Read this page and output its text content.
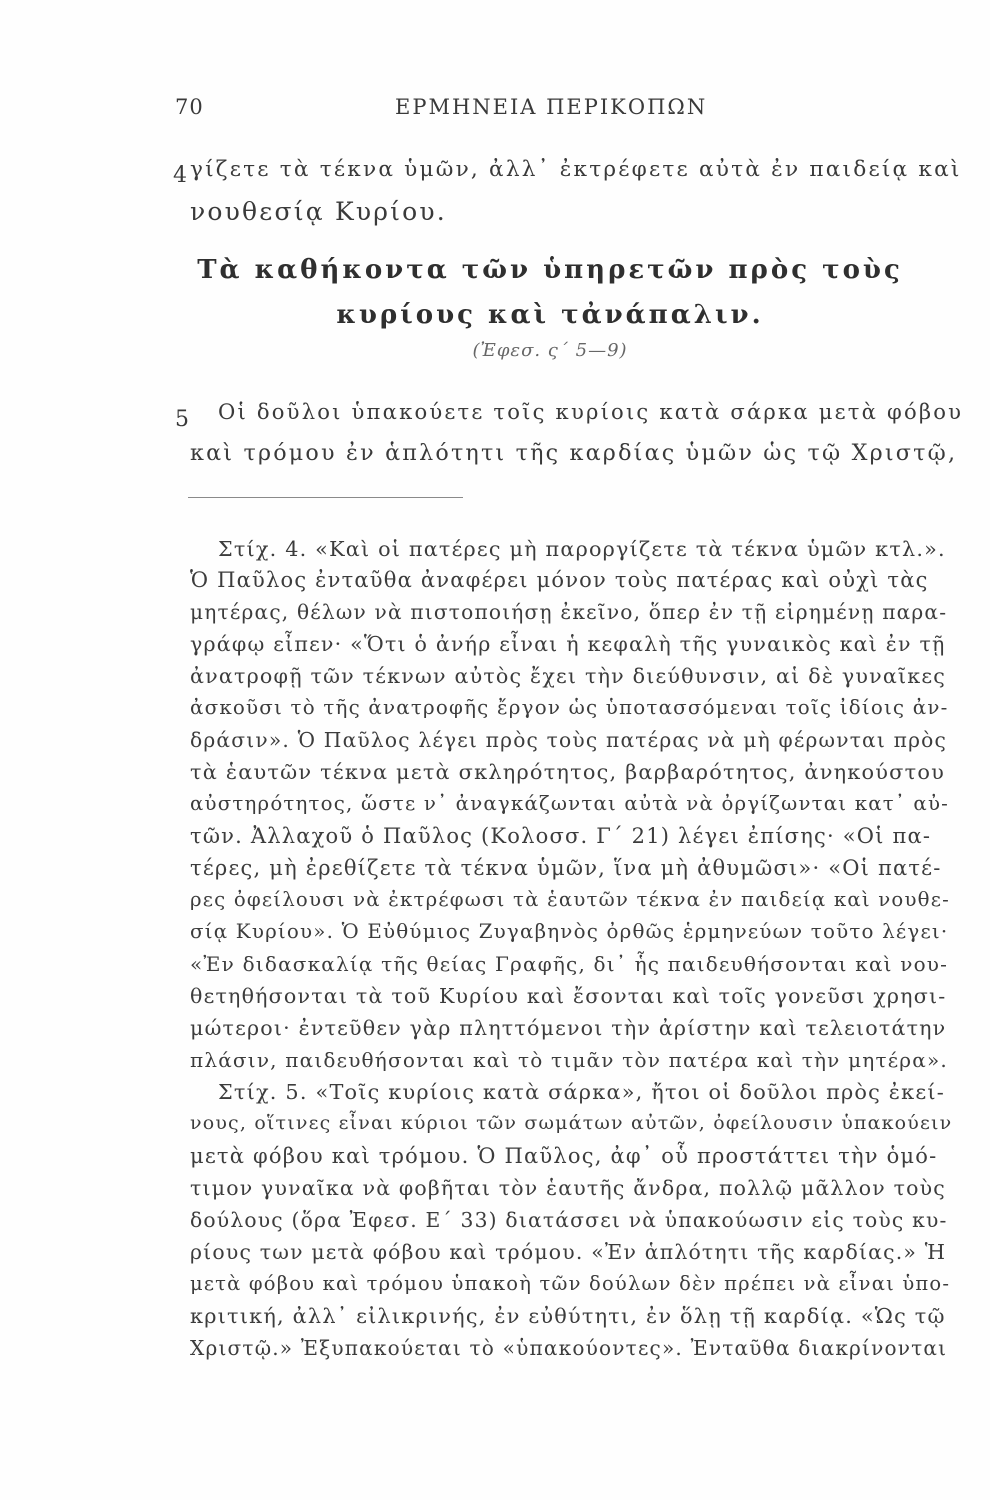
70	ΕΡΜΗΝΕΙΑ ΠΕΡΙΚΟΠΩΝ
4 γίζετε τὰ τέκνα ὑμῶν, ἀλλ᾽ ἐκτρέφετε αὐτὰ ἐν παιδείᾳ καὶ
νουθεσίᾳ Κυρίου.
Τὰ καθήκοντα τῶν ὑπηρετῶν πρὸς τοὺς
κυρίους καὶ τἀνάπαλιν.
(Ἐφεσ. ς΄ 5—9)
5 Οἱ δοῦλοι ὑπακούετε τοῖς κυρίοις κατὰ σάρκα μετὰ φόβου
καὶ τρόμου ἐν ἁπλότητι τῆς καρδίας ὑμῶν ὡς τῷ Χριστῷ,
Στίχ. 4. «Καὶ οἱ πατέρες μὴ παροργίζετε τὰ τέκνα ὑμῶν κτλ.».
Ὁ Παῦλος ἐνταῦθα ἀναφέρει μόνον τοὺς πατέρας καὶ οὐχὶ τὰς
μητέρας, θέλων νὰ πιστοποιήσῃ ἐκεῖνο, ὅπερ ἐν τῇ εἰρημένῃ παρα-
γράφῳ εἶπεν· «Ὅτι ὁ ἀνήρ εἶναι ἡ κεφαλὴ τῆς γυναικὸς καὶ ἐν τῇ
ἀνατροφῇ τῶν τέκνων αὐτὸς ἔχει τὴν διεύθυνσιν, αἱ δὲ γυναῖκες
ἀσκοῦσι τὸ τῆς ἀνατροφῆς ἔργον ὡς ὑποτασσόμεναι τοῖς ἰδίοις ἀν-
δράσιν». Ὁ Παῦλος λέγει πρὸς τοὺς πατέρας νὰ μὴ φέρωνται πρὸς
τὰ ἑαυτῶν τέκνα μετὰ σκληρότητος, βαρβαρότητος, ἀνηκούστου
αὐστηρότητος, ὥστε ν᾽ ἀναγκάζωνται αὐτὰ νὰ ὀργίζωνται κατ᾽ αὐ-
τῶν. Ἀλλαχοῦ ὁ Παῦλος (Κολοσσ. Γ΄ 21) λέγει ἐπίσης· «Οἱ πα-
τέρες, μὴ ἐρεθίζετε τὰ τέκνα ὑμῶν, ἵνα μὴ ἀθυμῶσι»· «Οἱ πατέ-
ρες ὀφείλουσι νὰ ἐκτρέφωσι τὰ ἑαυτῶν τέκνα ἐν παιδείᾳ καὶ νουθε-
σίᾳ Κυρίου». Ὁ Εὐθύμιος Ζυγαβηνὸς ὀρθῶς ἑρμηνεύων τοῦτο λέγει·
«Ἐν διδασκαλίᾳ τῆς θείας Γραφῆς, δι᾽ ἧς παιδευθήσονται καὶ νου-
θετηθήσονται τὰ τοῦ Κυρίου καὶ ἔσονται καὶ τοῖς γονεῦσι χρησι-
μώτεροι· ἐντεῦθεν γὰρ πληττόμενοι τὴν ἀρίστην καὶ τελειοτάτην
πλάσιν, παιδευθήσονται καὶ τὸ τιμᾶν τὸν πατέρα καὶ τὴν μητέρα».
Στίχ. 5. «Τοῖς κυρίοις κατὰ σάρκα», ἤτοι οἱ δοῦλοι πρὸς ἐκεί-
νους, οἵτινες εἶναι κύριοι τῶν σωμάτων αὐτῶν, ὀφείλουσιν ὑπακούειν
μετὰ φόβου καὶ τρόμου. Ὁ Παῦλος, ἀφ᾽ οὗ προστάττει τὴν ὁμό-
τιμον γυναῖκα νὰ φοβῆται τὸν ἑαυτῆς ἄνδρα, πολλῷ μᾶλλον τοὺς
δούλους (ὅρα Ἐφεσ. Ε΄ 33) διατάσσει νὰ ὑπακούωσιν εἰς τοὺς κυ-
ρίους των μετὰ φόβου καὶ τρόμου. «Ἐν ἁπλότητι τῆς καρδίας.» Ἡ
μετὰ φόβου καὶ τρόμου ὑπακοὴ τῶν δούλων δὲν πρέπει νὰ εἶναι ὑπο-
κριτική, ἀλλ᾽ εἰλικρινής, ἐν εὐθύτητι, ἐν ὅλῃ τῇ καρδίᾳ. «Ὡς τῷ
Χριστῷ.» Ἐξυπακούεται τὸ «ὑπακούοντες». Ἐνταῦθα διακρίνονται
